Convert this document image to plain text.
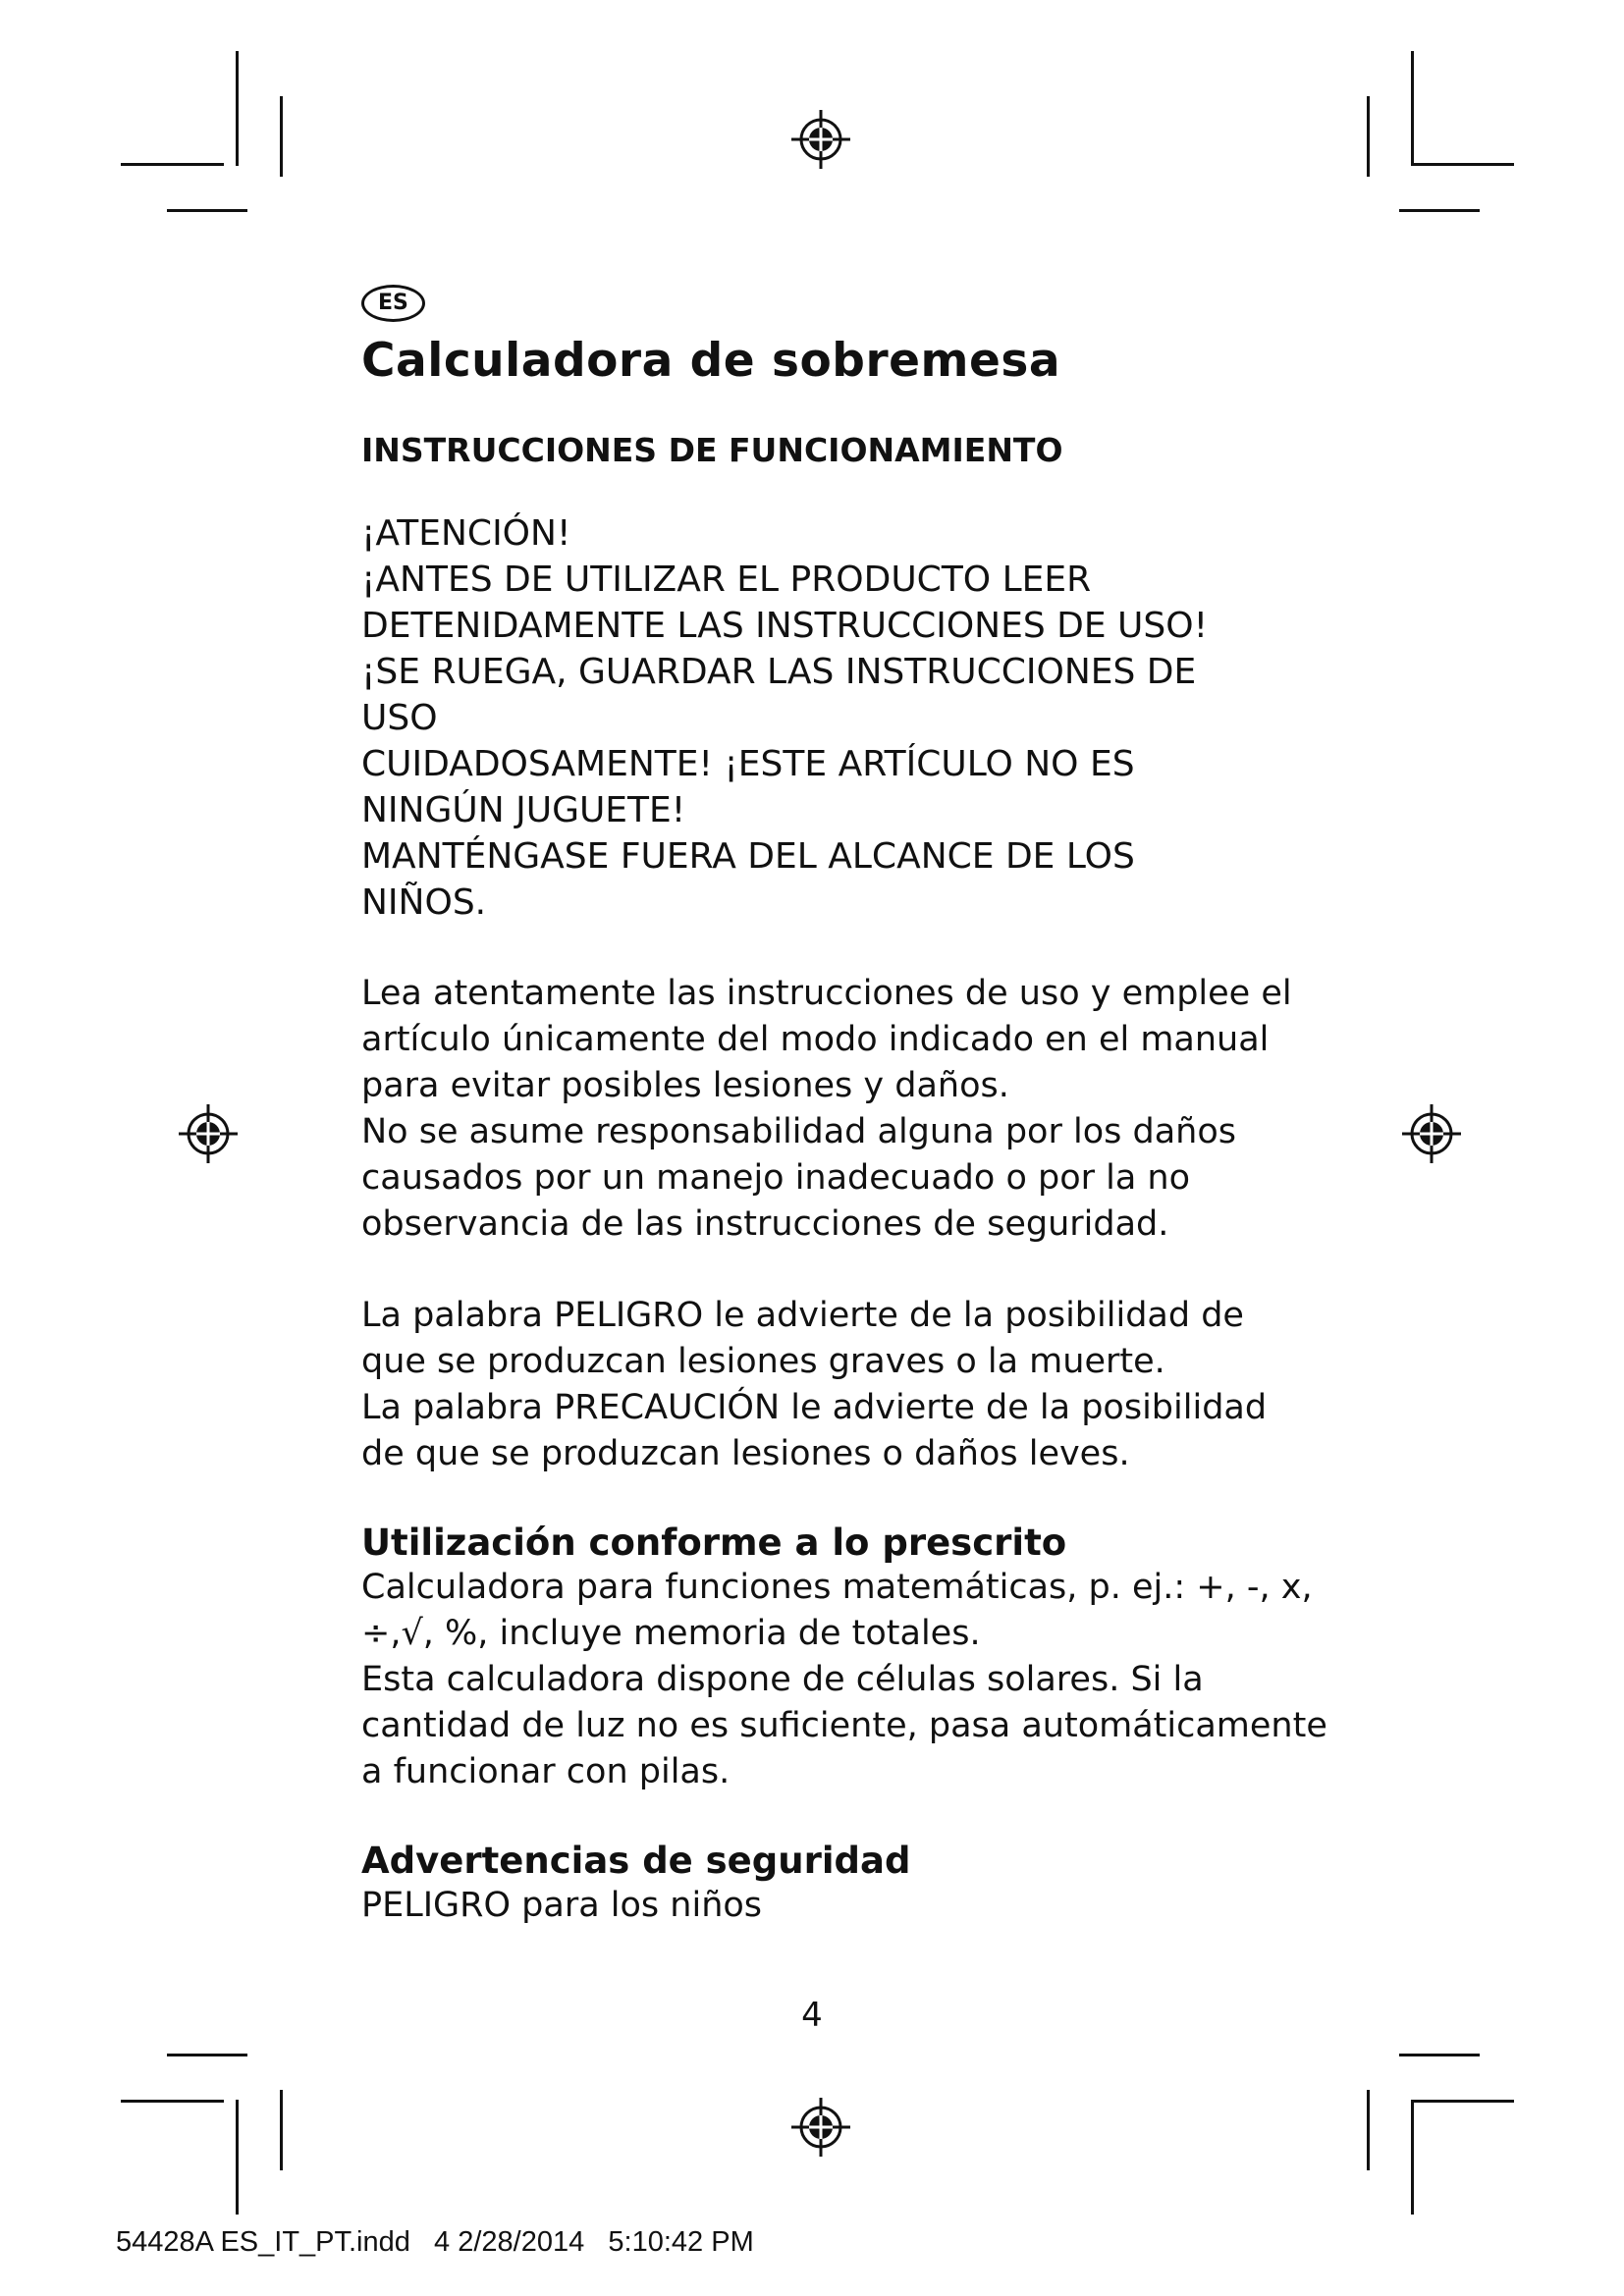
ES
Calculadora de sobremesa
INSTRUCCIONES DE FUNCIONAMIENTO
¡ATENCIÓN!
¡ANTES DE UTILIZAR EL PRODUCTO LEER
DETENIDAMENTE LAS INSTRUCCIONES DE USO!
¡SE RUEGA, GUARDAR LAS INSTRUCCIONES DE
USO
CUIDADOSAMENTE! ¡ESTE ARTÍCULO NO ES
NINGÚN JUGUETE!
MANTÉNGASE FUERA DEL ALCANCE DE LOS
NIÑOS.
Lea atentamente las instrucciones de uso y emplee el
artículo únicamente del modo indicado en el manual
para evitar posibles lesiones y daños.
No se asume responsabilidad alguna por los daños
causados por un manejo inadecuado o por la no
observancia de las instrucciones de seguridad.
La palabra PELIGRO le advierte de la posibilidad de
que se produzcan lesiones graves o la muerte.
La palabra PRECAUCIÓN le advierte de la posibilidad
de que se produzcan lesiones o daños leves.
Utilización conforme a lo prescrito
Calculadora para funciones matemáticas, p. ej.: +, -, x,
÷,√, %, incluye memoria de totales.
Esta calculadora dispone de células solares. Si la
cantidad de luz no es suficiente, pasa automáticamente
a funcionar con pilas.
Advertencias de seguridad
PELIGRO para los niños
4
54428A ES_IT_PT.indd   4 2/28/2014   5:10:42 PM
